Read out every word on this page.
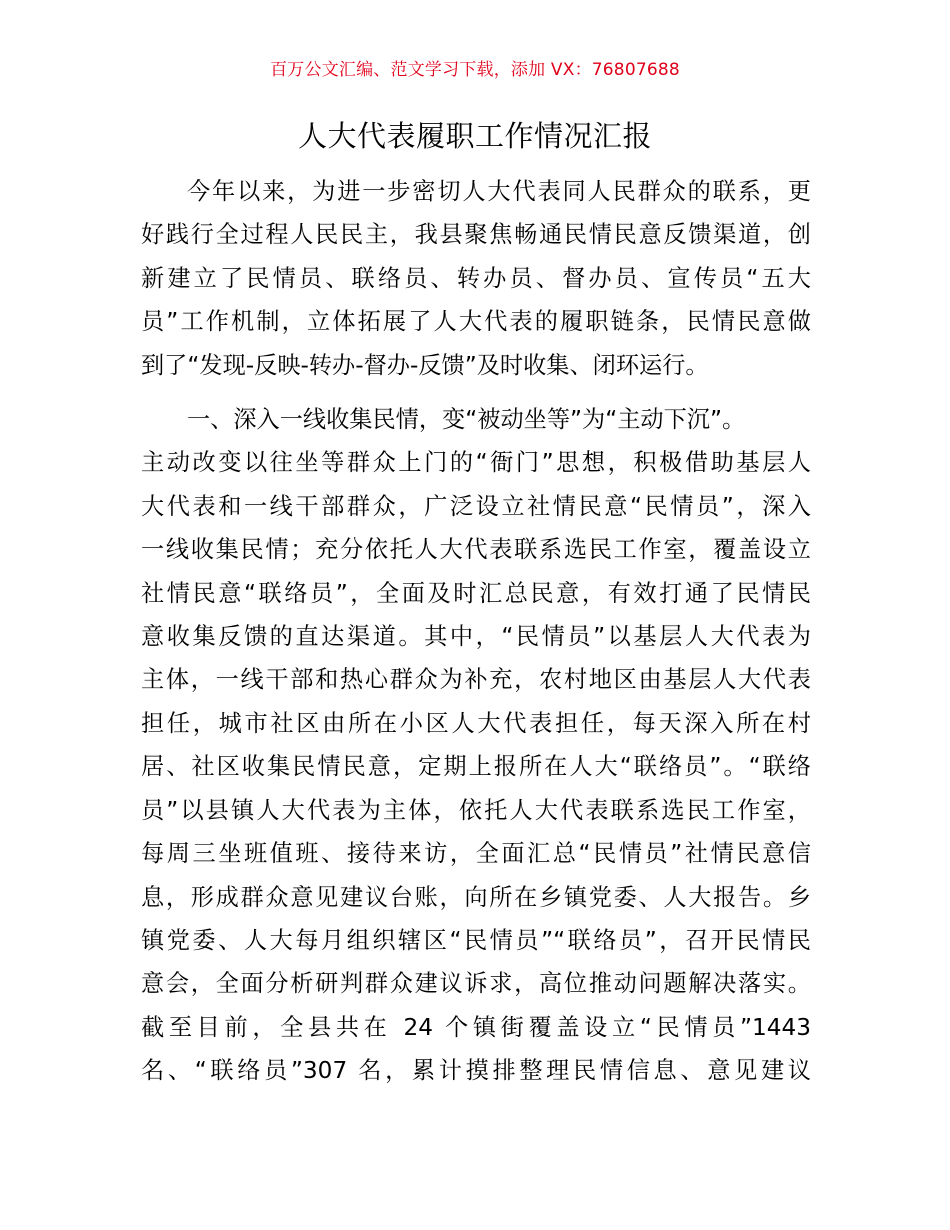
百万公文汇编、范文学习下载，添加 VX：76807688
人大代表履职工作情况汇报
今年以来，为进一步密切人大代表同人民群众的联系，更
好践行全过程人民民主，我县聚焦畅通民情民意反馈渠道，创
新建立了民情员、联络员、转办员、督办员、宣传员“五大
员”工作机制，立体拓展了人大代表的履职链条，民情民意做
到了“发现-反映-转办-督办-反馈”及时收集、闭环运行。
一、深入一线收集民情，变“被动坐等”为“主动下沉”。
主动改变以往坐等群众上门的“衙门”思想，积极借助基层人
大代表和一线干部群众，广泛设立社情民意“民情员”，深入
一线收集民情；充分依托人大代表联系选民工作室，覆盖设立
社情民意“联络员”，全面及时汇总民意，有效打通了民情民
意收集反馈的直达渠道。其中，“民情员”以基层人大代表为
主体，一线干部和热心群众为补充，农村地区由基层人大代表
担任，城市社区由所在小区人大代表担任，每天深入所在村
居、社区收集民情民意，定期上报所在人大“联络员”。“联络
员”以县镇人大代表为主体，依托人大代表联系选民工作室，
每周三坐班值班、接待来访，全面汇总“民情员”社情民意信
息，形成群众意见建议台账，向所在乡镇党委、人大报告。乡
镇党委、人大每月组织辖区“民情员”“联络员”，召开民情民
意会，全面分析研判群众建议诉求，高位推动问题解决落实。
截至目前，全县共在 24 个镇街覆盖设立“民情员”1443
名、“联络员”307 名，累计摸排整理民情信息、意见建议
